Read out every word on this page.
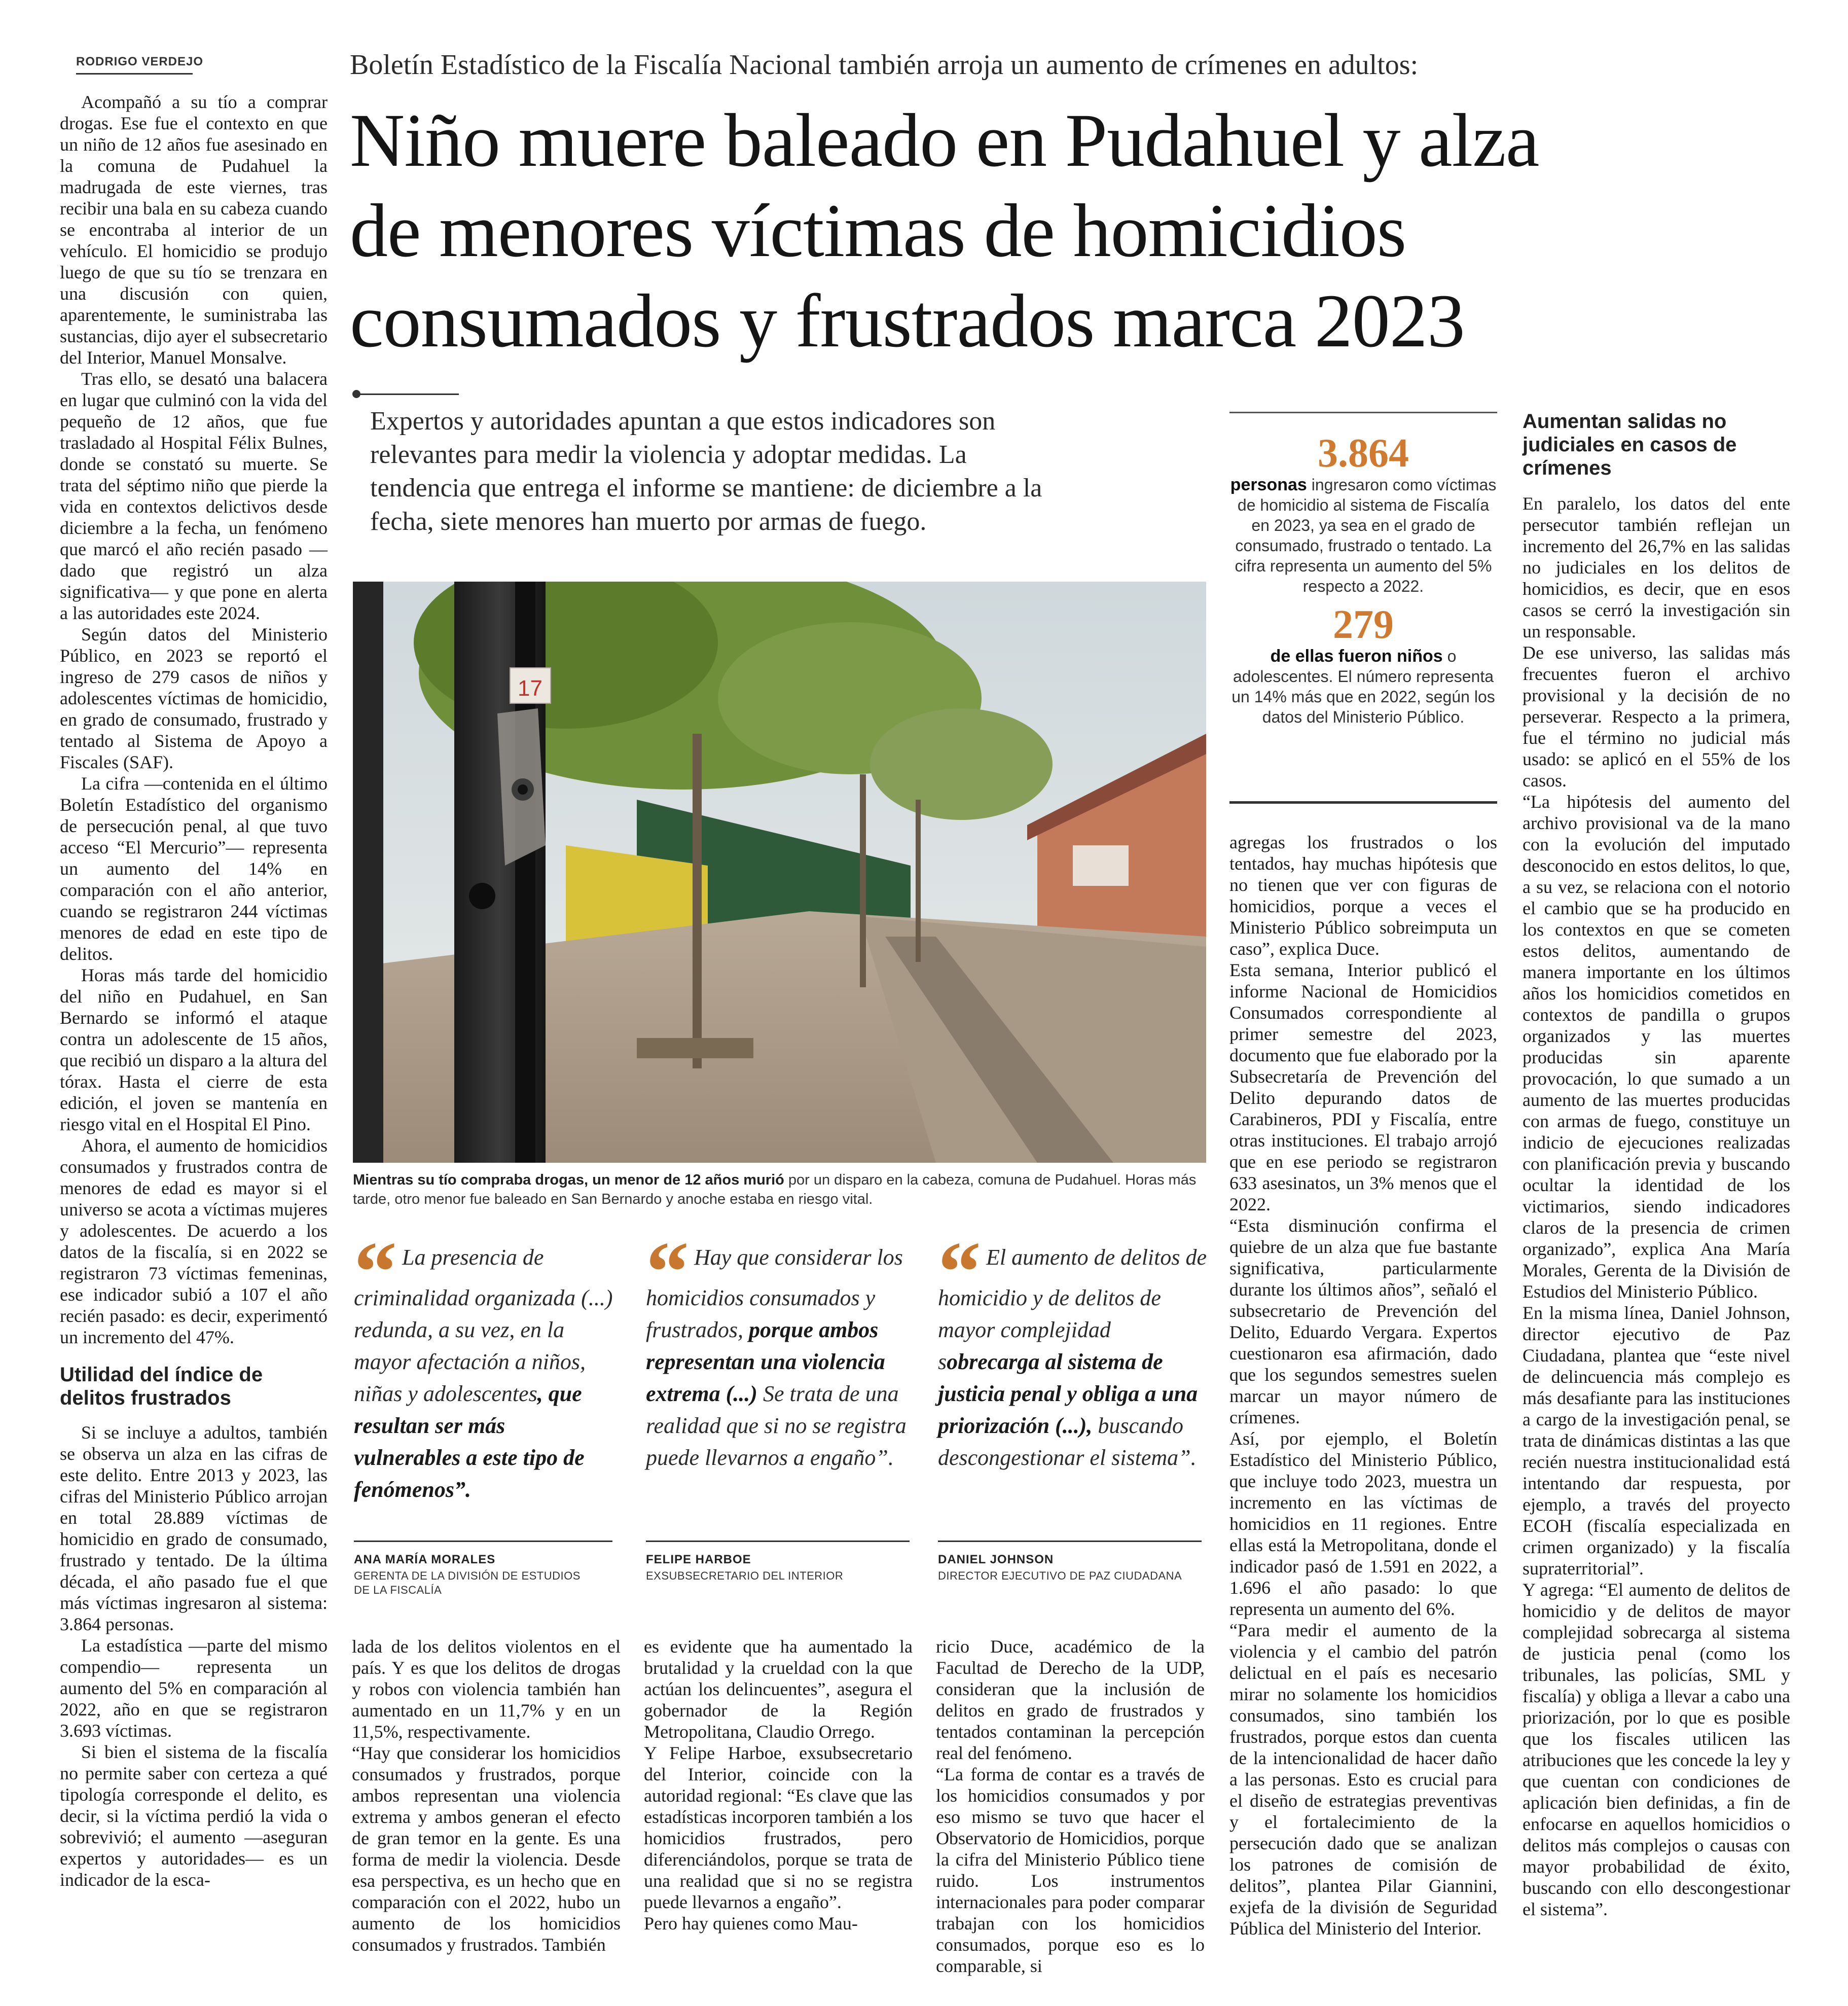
RODRIGO VERDEJO

Acompañó a su tío a comprar drogas. Ese fue el contexto en que un niño de 12 años fue asesinado en la comuna de Pudahuel la madrugada de este viernes, tras recibir una bala en su cabeza cuando se encontraba al interior de un vehículo. El homicidio se produjo luego de que su tío se trenzara en una discusión con quien, aparentemente, le suministraba las sustancias, dijo ayer el subsecretario del Interior, Manuel Monsalve.

Tras ello, se desató una balacera en lugar que culminó con la vida del pequeño de 12 años, que fue trasladado al Hospital Félix Bulnes, donde se constató su muerte. Se trata del séptimo niño que pierde la vida en contextos delictivos desde diciembre a la fecha, un fenómeno que marcó el año recién pasado —dado que registró un alza significativa— y que pone en alerta a las autoridades este 2024.

Según datos del Ministerio Público, en 2023 se reportó el ingreso de 279 casos de niños y adolescentes víctimas de homicidio, en grado de consumado, frustrado y tentado al Sistema de Apoyo a Fiscales (SAF).

La cifra —contenida en el último Boletín Estadístico del organismo de persecución penal, al que tuvo acceso “El Mercurio”— representa un aumento del 14% en comparación con el año anterior, cuando se registraron 244 víctimas menores de edad en este tipo de delitos.

Horas más tarde del homicidio del niño en Pudahuel, en San Bernardo se informó el ataque contra un adolescente de 15 años, que recibió un disparo a la altura del tórax. Hasta el cierre de esta edición, el joven se mantenía en riesgo vital en el Hospital El Pino.

Ahora, el aumento de homicidios consumados y frustrados contra de menores de edad es mayor si el universo se acota a víctimas mujeres y adolescentes. De acuerdo a los datos de la fiscalía, si en 2022 se registraron 73 víctimas femeninas, ese indicador subió a 107 el año recién pasado: es decir, experimentó un incremento del 47%.

Utilidad del índice de
delitos frustrados

Si se incluye a adultos, también se observa un alza en las cifras de este delito. Entre 2013 y 2023, las cifras del Ministerio Público arrojan en total 28.889 víctimas de homicidio en grado de consumado, frustrado y tentado. De la última década, el año pasado fue el que más víctimas ingresaron al sistema: 3.864 personas.

La estadística —parte del mismo compendio— representa un aumento del 5% en comparación al 2022, año en que se registraron 3.693 víctimas.

Si bien el sistema de la fiscalía no permite saber con certeza a qué tipología corresponde el delito, es decir, si la víctima perdió la vida o sobrevivió; el aumento —aseguran expertos y autoridades— es un indicador de la esca-

Boletín Estadístico de la Fiscalía Nacional también arroja un aumento de crímenes en adultos:
Niño muere baleado en Pudahuel y alza
de menores víctimas de homicidios
consumados y frustrados marca 2023
Expertos y autoridades apuntan a que estos indicadores son
relevantes para medir la violencia y adoptar medidas. La
tendencia que entrega el informe se mantiene: de diciembre a la
fecha, siete menores han muerto por armas de fuego.
17
Mientras su tío compraba drogas, un menor de 12 años murió por un disparo en la cabeza, comuna de Pudahuel. Horas más tarde, otro menor fue baleado en San Bernardo y anoche estaba en riesgo vital.
“ La presencia de criminalidad organizada (...) redunda, a su vez, en la mayor afectación a niños, niñas y adolescentes, que resultan ser más vulnerables a este tipo de fenómenos”.
ANA MARÍA MORALES
GERENTA DE LA DIVISIÓN DE ESTUDIOS DE LA FISCALÍA
“ Hay que considerar los homicidios consumados y frustrados, porque ambos representan una violencia extrema (...) Se trata de una realidad que si no se registra puede llevarnos a engaño”.
FELIPE HARBOE
EXSUBSECRETARIO DEL INTERIOR
“ El aumento de delitos de homicidio y de delitos de mayor complejidad sobrecarga al sistema de justicia penal y obliga a una priorización (...), buscando descongestionar el sistema”.
DANIEL JOHNSON
DIRECTOR EJECUTIVO DE PAZ CIUDADANA
lada de los delitos violentos en el país. Y es que los delitos de drogas y robos con violencia también han aumentado en un 11,7% y en un 11,5%, respectivamente.
“Hay que considerar los homicidios consumados y frustrados, porque ambos representan una violencia extrema y ambos generan el efecto de gran temor en la gente. Es una forma de medir la violencia. Desde esa perspectiva, es un hecho que en comparación con el 2022, hubo un aumento de los homicidios consumados y frustrados. También
es evidente que ha aumentado la brutalidad y la crueldad con la que actúan los delincuentes”, asegura el gobernador de la Región Metropolitana, Claudio Orrego.
Y Felipe Harboe, exsubsecretario del Interior, coincide con la autoridad regional: “Es clave que las estadísticas incorporen también a los homicidios frustrados, pero diferenciándolos, porque se trata de una realidad que si no se registra puede llevarnos a engaño”.
Pero hay quienes como Mau-
ricio Duce, académico de la Facultad de Derecho de la UDP, consideran que la inclusión de delitos en grado de frustrados y tentados contaminan la percepción real del fenómeno.
“La forma de contar es a través de los homicidios consumados y por eso mismo se tuvo que hacer el Observatorio de Homicidios, porque la cifra del Ministerio Público tiene ruido. Los instrumentos internacionales para poder comparar trabajan con los homicidios consumados, porque eso es lo comparable, si
3.864
personas ingresaron como víctimas de homicidio al sistema de Fiscalía en 2023, ya sea en el grado de consumado, frustrado o tentado. La cifra representa un aumento del 5% respecto a 2022.
279
de ellas fueron niños o adolescentes. El número representa un 14% más que en 2022, según los datos del Ministerio Público.
agregas los frustrados o los tentados, hay muchas hipótesis que no tienen que ver con figuras de homicidios, porque a veces el Ministerio Público sobreimputa un caso”, explica Duce.
Esta semana, Interior publicó el informe Nacional de Homicidios Consumados correspondiente al primer semestre del 2023, documento que fue elaborado por la Subsecretaría de Prevención del Delito depurando datos de Carabineros, PDI y Fiscalía, entre otras instituciones. El trabajo arrojó que en ese periodo se registraron 633 asesinatos, un 3% menos que el 2022.
“Esta disminución confirma el quiebre de un alza que fue bastante significativa, particularmente durante los últimos años”, señaló el subsecretario de Prevención del Delito, Eduardo Vergara. Expertos cuestionaron esa afirmación, dado que los segundos semestres suelen marcar un mayor número de crímenes.
Así, por ejemplo, el Boletín Estadístico del Ministerio Público, que incluye todo 2023, muestra un incremento en las víctimas de homicidios en 11 regiones. Entre ellas está la Metropolitana, donde el indicador pasó de 1.591 en 2022, a 1.696 el año pasado: lo que representa un aumento del 6%.
“Para medir el aumento de la violencia y el cambio del patrón delictual en el país es necesario mirar no solamente los homicidios consumados, sino también los frustrados, porque estos dan cuenta de la intencionalidad de hacer daño a las personas. Esto es crucial para el diseño de estrategias preventivas y el fortalecimiento de la persecución dado que se analizan los patrones de comisión de delitos”, plantea Pilar Giannini, exjefa de la división de Seguridad Pública del Ministerio del Interior.
Aumentan salidas no
judiciales en casos de
crímenes
En paralelo, los datos del ente persecutor también reflejan un incremento del 26,7% en las salidas no judiciales en los delitos de homicidios, es decir, que en esos casos se cerró la investigación sin un responsable.
De ese universo, las salidas más frecuentes fueron el archivo provisional y la decisión de no perseverar. Respecto a la primera, fue el término no judicial más usado: se aplicó en el 55% de los casos.
“La hipótesis del aumento del archivo provisional va de la mano con la evolución del imputado desconocido en estos delitos, lo que, a su vez, se relaciona con el notorio el cambio que se ha producido en los contextos en que se cometen estos delitos, aumentando de manera importante en los últimos años los homicidios cometidos en contextos de pandilla o grupos organizados y las muertes producidas sin aparente provocación, lo que sumado a un aumento de las muertes producidas con armas de fuego, constituye un indicio de ejecuciones realizadas con planificación previa y buscando ocultar la identidad de los victimarios, siendo indicadores claros de la presencia de crimen organizado”, explica Ana María Morales, Gerenta de la División de Estudios del Ministerio Público.
En la misma línea, Daniel Johnson, director ejecutivo de Paz Ciudadana, plantea que “este nivel de delincuencia más complejo es más desafiante para las instituciones a cargo de la investigación penal, se trata de dinámicas distintas a las que recién nuestra institucionalidad está intentando dar respuesta, por ejemplo, a través del proyecto ECOH (fiscalía especializada en crimen organizado) y la fiscalía supraterritorial”.
Y agrega: “El aumento de delitos de homicidio y de delitos de mayor complejidad sobrecarga al sistema de justicia penal (como los tribunales, las policías, SML y fiscalía) y obliga a llevar a cabo una priorización, por lo que es posible que los fiscales utilicen las atribuciones que les concede la ley y que cuentan con condiciones de aplicación bien definidas, a fin de enfocarse en aquellos homicidios o delitos más complejos o causas con mayor probabilidad de éxito, buscando con ello descongestionar el sistema”.
